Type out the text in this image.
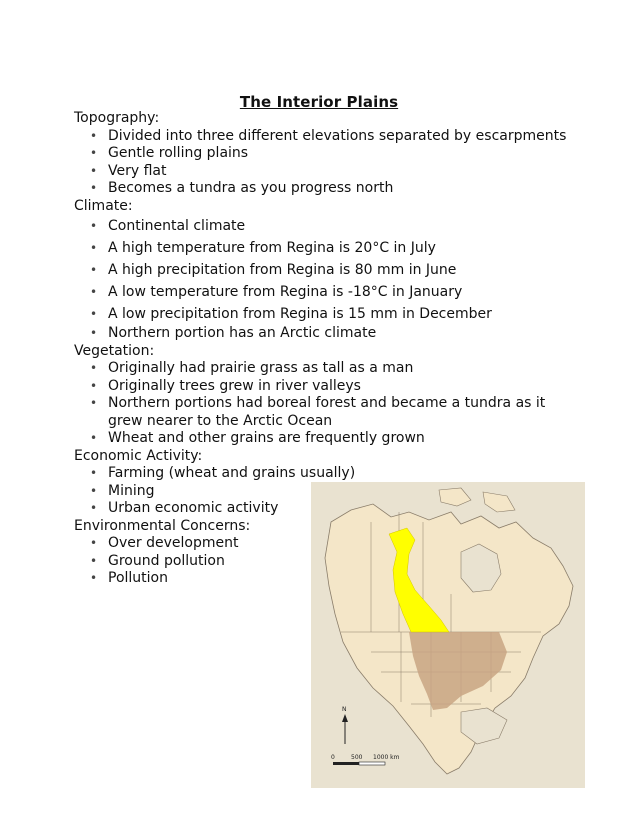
The Interior Plains
Topography:
• Divided into three different elevations separated by escarpments
• Gentle rolling plains
• Very flat
• Becomes a tundra as you progress north
Climate:
• Continental climate
• A high temperature from Regina is 20°C in July
• A high precipitation from Regina is 80 mm in June
• A low temperature from Regina is -18°C in January
• A low precipitation from Regina is 15 mm in December
• Northern portion has an Arctic climate
Vegetation:
• Originally had prairie grass as tall as a man
• Originally trees grew in river valleys
• Northern portions had boreal forest and became a tundra as it grew nearer to the Arctic Ocean
• Wheat and other grains are frequently grown
Economic Activity:
• Farming (wheat and grains usually)
• Mining
• Urban economic activity
Environmental Concerns:
• Over development
• Ground pollution
• Pollution
N
0	500 1000 km
